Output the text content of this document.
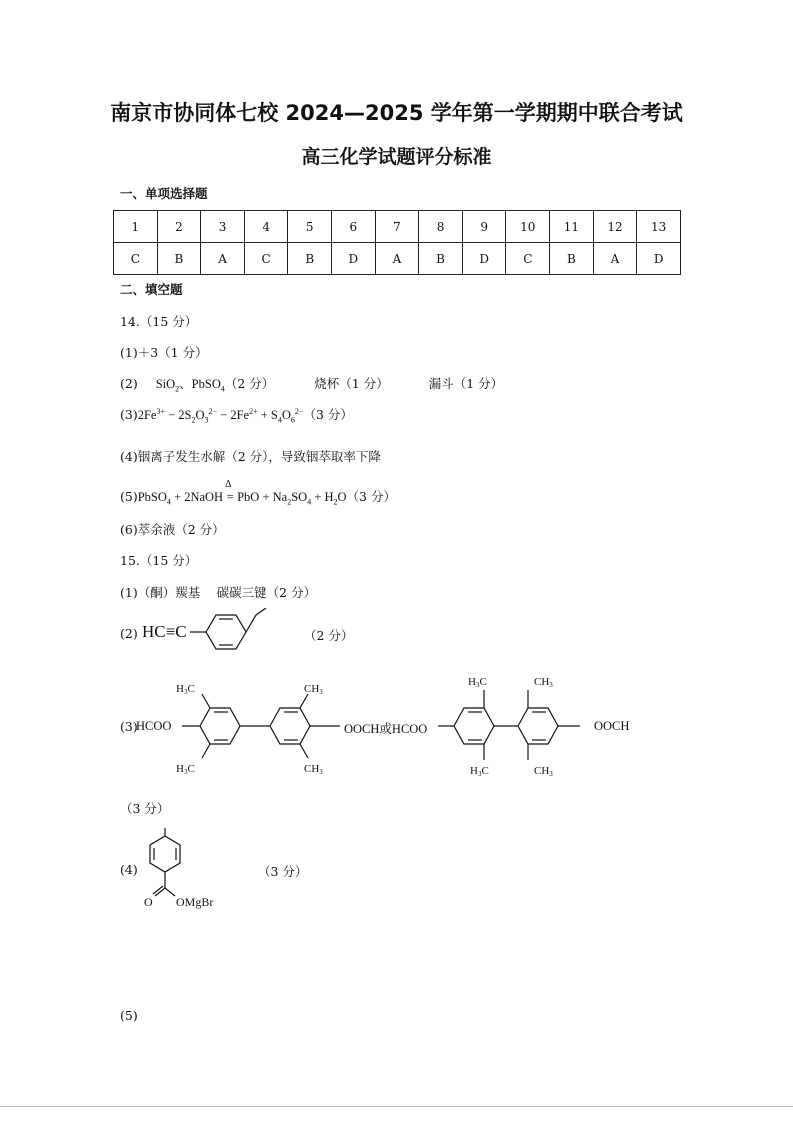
南京市协同体七校 2024—2025 学年第一学期期中联合考试
高三化学试题评分标准
一、单项选择题
1	2	3	4	5	6	7	8	9	10	11	12	13
C	B	A	C	B	D	A	B	D	C	B	A	D
二、填空题
14.（15 分）
(1)＋3（1 分）
(2) SiO$_2$、PbSO$_4$（2 分）	烧杯（1 分）	漏斗（1 分）
$(3)2Fe^{3+} - 2S_2O_3^{2-} - 2Fe^{2+} + S_4O_6^{2-}(3$ 分）
(4)铟离子发生水解（2 分），导致铟萃取率下降
(5)PbSO$_4$ + 2NaOH
Δ
= PbO + $Na_2SO_4 + H_2O(3$ 分）
(6)萃余液（2 分）
15.（15 分）
(1)（酮）羰基　 碳碳三键（2 分）
(2) HC≡C	（2 分）
(3)
HCOO	OOCH或HCOO	OOCH
H3C
H3C
CH3
CH3
H3C
H3C
CH3
CH3
（3 分）
(4)
O OMgBr
（3 分）
(5)
